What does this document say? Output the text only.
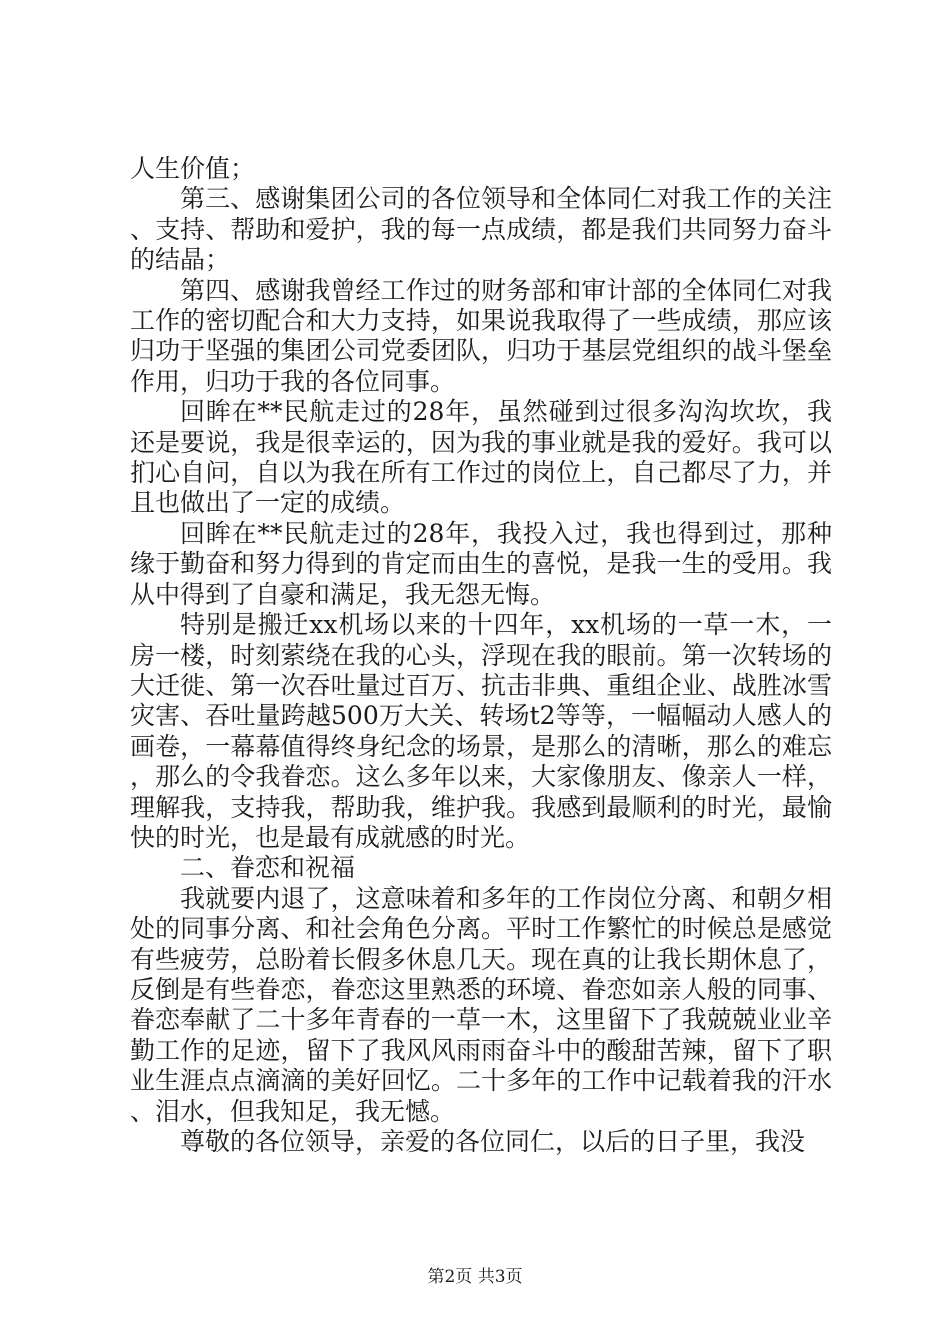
人生价值；

第三、感谢集团公司的各位领导和全体同仁对我工作的关注、支持、帮助和爱护，我的每一点成绩，都是我们共同努力奋斗的结晶；

第四、感谢我曾经工作过的财务部和审计部的全体同仁对我工作的密切配合和大力支持，如果说我取得了一些成绩，那应该归功于坚强的集团公司党委团队，归功于基层党组织的战斗堡垒作用，归功于我的各位同事。

回眸在**民航走过的28年，虽然碰到过很多沟沟坎坎，我还是要说，我是很幸运的，因为我的事业就是我的爱好。我可以扪心自问，自以为我在所有工作过的岗位上，自己都尽了力，并且也做出了一定的成绩。

回眸在**民航走过的28年，我投入过，我也得到过，那种缘于勤奋和努力得到的肯定而由生的喜悦，是我一生的受用。我从中得到了自豪和满足，我无怨无悔。

特别是搬迁xx机场以来的十四年，xx机场的一草一木，一房一楼，时刻萦绕在我的心头，浮现在我的眼前。第一次转场的大迁徙、第一次吞吐量过百万、抗击非典、重组企业、战胜冰雪灾害、吞吐量跨越500万大关、转场t2等等，一幅幅动人感人的画卷，一幕幕值得终身纪念的场景，是那么的清晰，那么的难忘，那么的令我眷恋。这么多年以来，大家像朋友、像亲人一样，理解我，支持我，帮助我，维护我。我感到最顺利的时光，最愉快的时光，也是最有成就感的时光。

二、眷恋和祝福

我就要内退了，这意味着和多年的工作岗位分离、和朝夕相处的同事分离、和社会角色分离。平时工作繁忙的时候总是感觉有些疲劳，总盼着长假多休息几天。现在真的让我长期休息了，反倒是有些眷恋，眷恋这里熟悉的环境、眷恋如亲人般的同事、眷恋奉献了二十多年青春的一草一木，这里留下了我兢兢业业辛勤工作的足迹，留下了我风风雨雨奋斗中的酸甜苦辣，留下了职业生涯点点滴滴的美好回忆。二十多年的工作中记载着我的汗水、泪水，但我知足，我无憾。

尊敬的各位领导，亲爱的各位同仁，以后的日子里，我没

第2页 共3页
